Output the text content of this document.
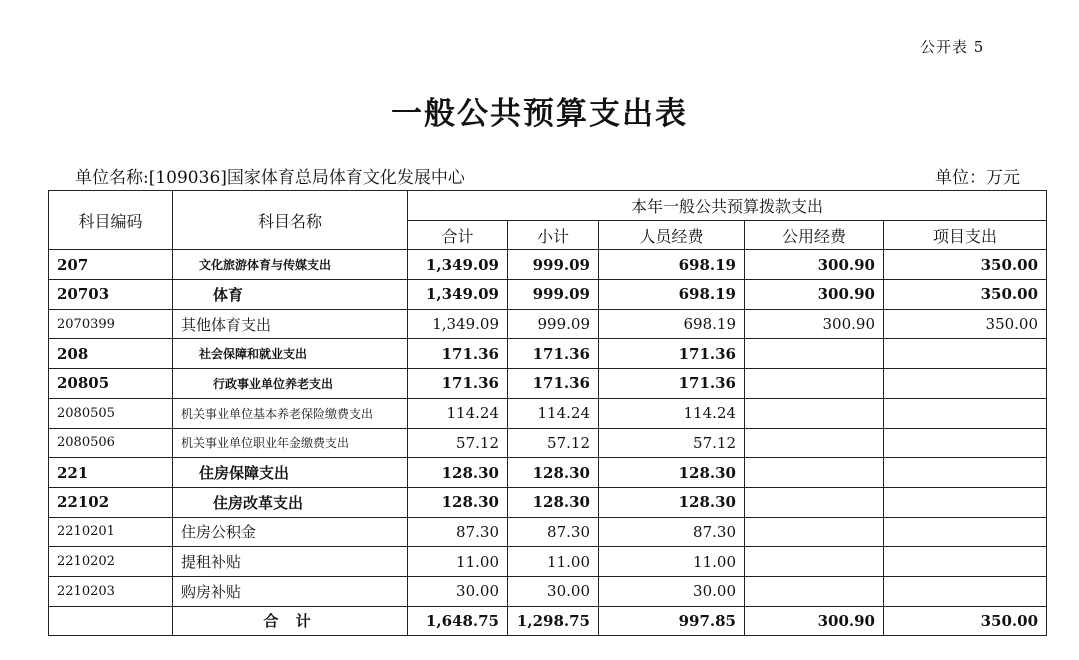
公开表 5
一般公共预算支出表
单位名称:[109036]国家体育总局体育文化发展中心	单位：万元
科目编码	科目名称	本年一般公共预算拨款支出				
		合计	小计	人员经费	公用经费	项目支出
207	文化旅游体育与传媒支出	1,349.09	999.09	698.19	300.90	350.00
20703	体育	1,349.09	999.09	698.19	300.90	350.00
2070399	其他体育支出	1,349.09	999.09	698.19	300.90	350.00
208	社会保障和就业支出	171.36	171.36	171.36		
20805	行政事业单位养老支出	171.36	171.36	171.36		
2080505	机关事业单位基本养老保险缴费支出	114.24	114.24	114.24		
2080506	机关事业单位职业年金缴费支出	57.12	57.12	57.12		
221	住房保障支出	128.30	128.30	128.30		
22102	住房改革支出	128.30	128.30	128.30		
2210201	住房公积金	87.30	87.30	87.30		
2210202	提租补贴	11.00	11.00	11.00		
2210203	购房补贴	30.00	30.00	30.00		
	合 计	1,648.75	1,298.75	997.85	300.90	350.00
